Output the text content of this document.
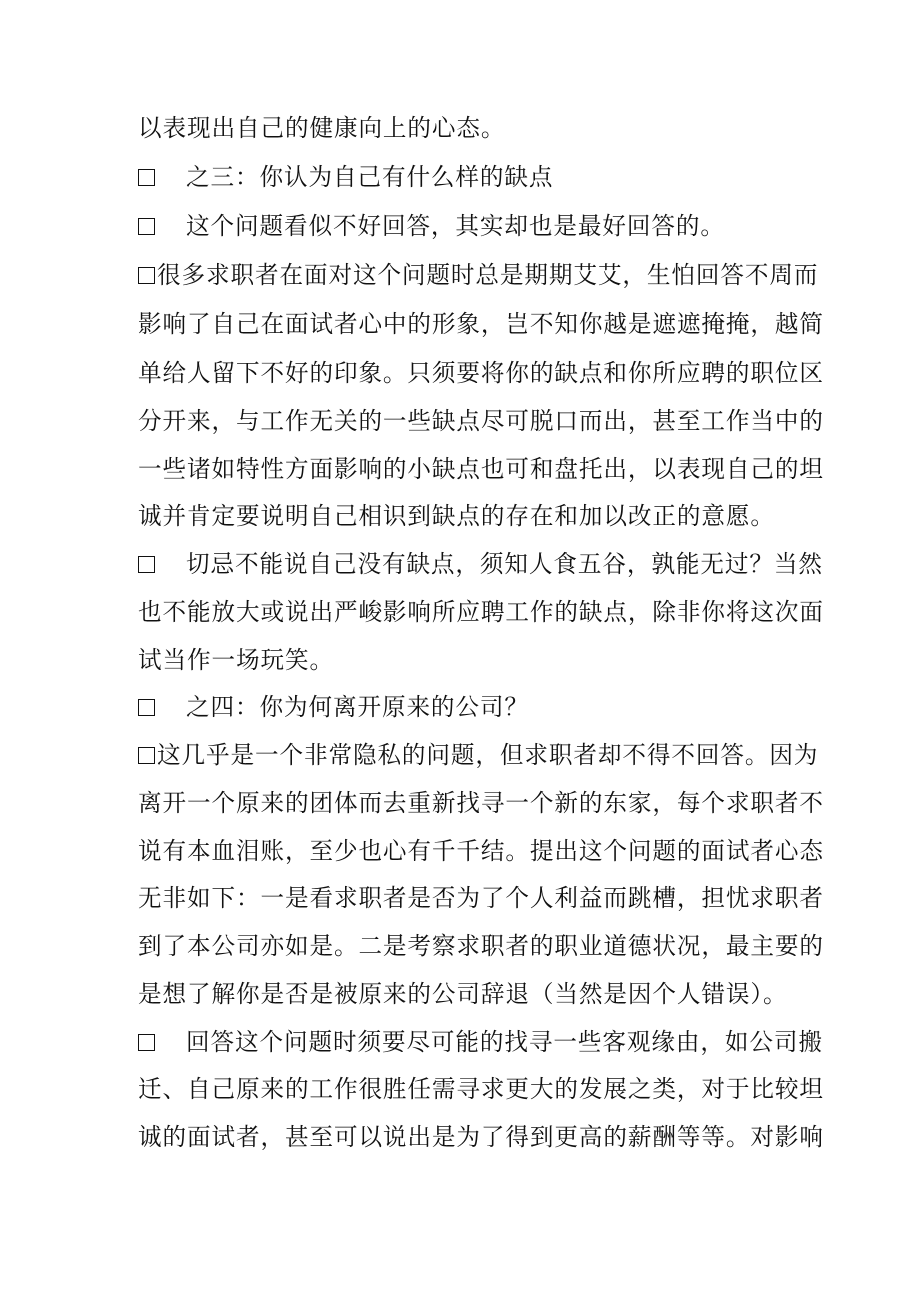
以表现出自己的健康向上的心态。
之三：你认为自己有什么样的缺点
这个问题看似不好回答，其实却也是最好回答的。
很多求职者在面对这个问题时总是期期艾艾，生怕回答不周而
影响了自己在面试者心中的形象，岂不知你越是遮遮掩掩，越简
单给人留下不好的印象。只须要将你的缺点和你所应聘的职位区
分开来，与工作无关的一些缺点尽可脱口而出，甚至工作当中的
一些诸如特性方面影响的小缺点也可和盘托出，以表现自己的坦
诚并肯定要说明自己相识到缺点的存在和加以改正的意愿。
切忌不能说自己没有缺点，须知人食五谷，孰能无过？当然
也不能放大或说出严峻影响所应聘工作的缺点，除非你将这次面
试当作一场玩笑。
之四：你为何离开原来的公司？
这几乎是一个非常隐私的问题，但求职者却不得不回答。因为
离开一个原来的团体而去重新找寻一个新的东家，每个求职者不
说有本血泪账，至少也心有千千结。提出这个问题的面试者心态
无非如下：一是看求职者是否为了个人利益而跳槽，担忧求职者
到了本公司亦如是。二是考察求职者的职业道德状况，最主要的
是想了解你是否是被原来的公司辞退（当然是因个人错误）。
回答这个问题时须要尽可能的找寻一些客观缘由，如公司搬
迁、自己原来的工作很胜任需寻求更大的发展之类，对于比较坦
诚的面试者，甚至可以说出是为了得到更高的薪酬等等。对影响
